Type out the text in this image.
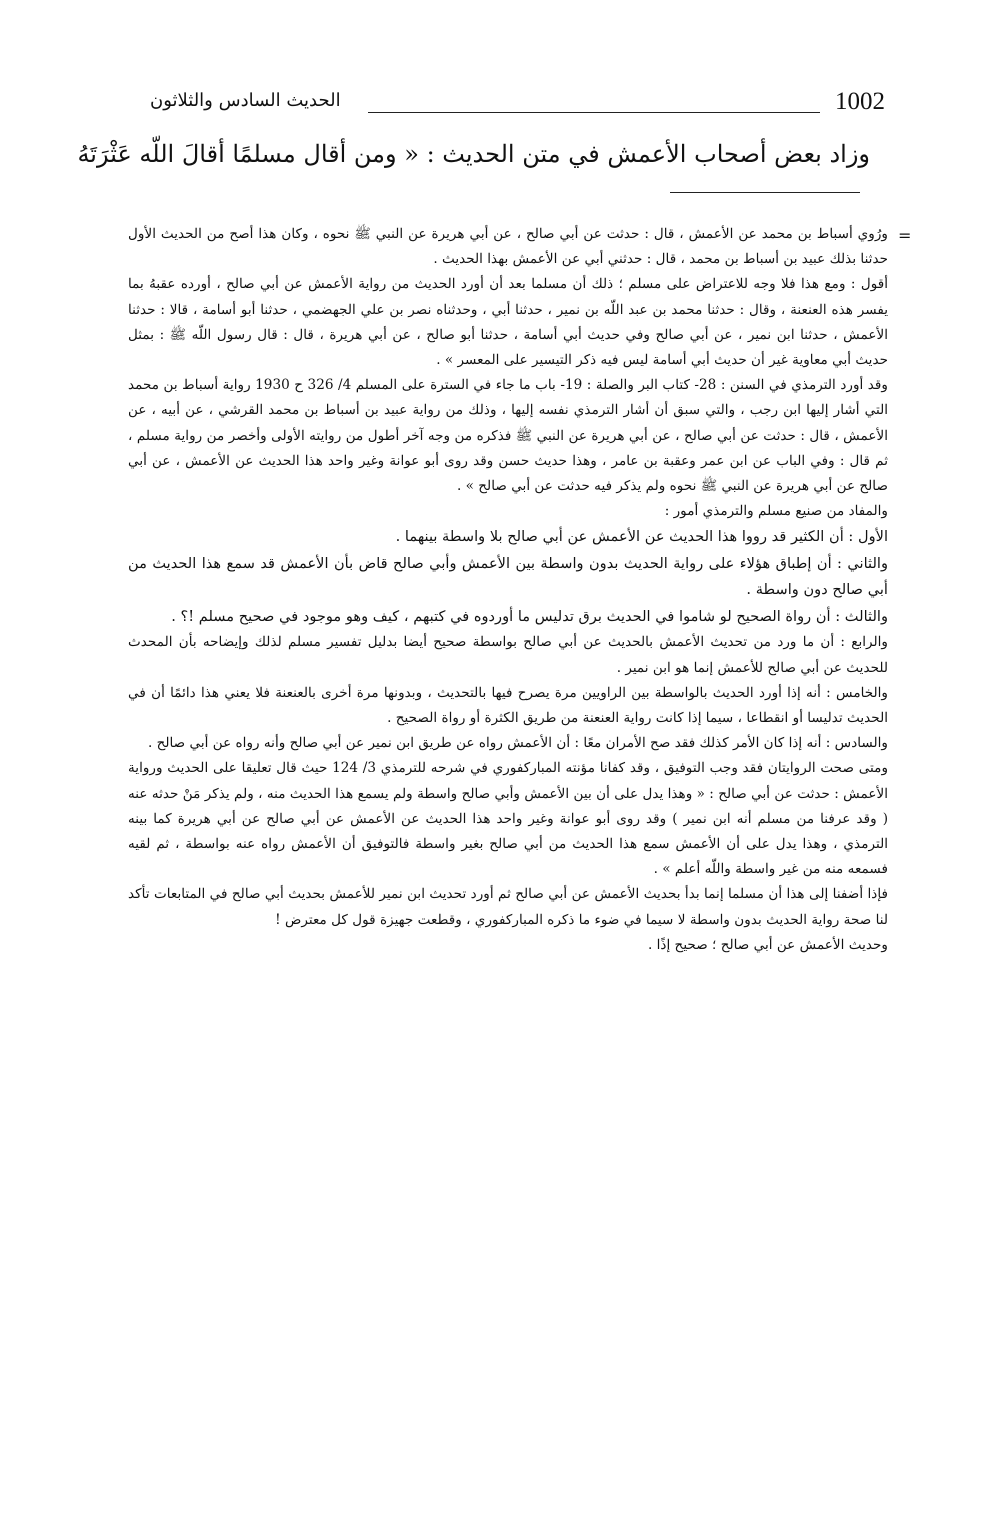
1002
الحديث السادس والثلاثون
وزاد بعض أصحاب الأعمش في متن الحديث : « ومن أقال مسلمًا أقالَ اللّه عَثْرَتَهُ
=

ورُوي أسباط بن محمد عن الأعمش ، قال : حدثت عن أبي صالح ، عن أبي هريرة عن النبي ﷺ نحوه ، وكان هذا أصح من الحديث الأول حدثنا بذلك عبيد بن أسباط بن محمد ، قال : حدثني أبي عن الأعمش بهذا الحديث .

أقول : ومع هذا فلا وجه للاعتراض على مسلم ؛ ذلك أن مسلما بعد أن أورد الحديث من رواية الأعمش عن أبي صالح ، أورده عقبهُ بما يفسر هذه العنعنة ، وقال : حدثنا محمد بن عبد اللّه بن نمير ، حدثنا أبي ، وحدثناه نصر بن علي الجهضمي ، حدثنا أبو أسامة ، قالا : حدثنا الأعمش ، حدثنا ابن نمير ، عن أبي صالح وفي حديث أبي أسامة ، حدثنا أبو صالح ، عن أبي هريرة ، قال : قال رسول اللّه ﷺ : بمثل حديث أبي معاوية غير أن حديث أبي أسامة ليس فيه ذكر التيسير على المعسر » .

وقد أورد الترمذي في السنن : 28- كتاب البر والصلة : 19- باب ما جاء في السترة على المسلم 4/ 326 ح 1930 رواية أسباط بن محمد التي أشار إليها ابن رجب ، والتي سبق أن أشار الترمذي نفسه إليها ، وذلك من رواية عبيد بن أسباط بن محمد القرشي ، عن أبيه ، عن الأعمش ، قال : حدثت عن أبي صالح ، عن أبي هريرة عن النبي ﷺ فذكره من وجه آخر أطول من روايته الأولى وأخصر من رواية مسلم ، ثم قال : وفي الباب عن ابن عمر وعقبة بن عامر ، وهذا حديث حسن وقد روى أبو عوانة وغير واحد هذا الحديث عن الأعمش ، عن أبي صالح عن أبي هريرة عن النبي ﷺ نحوه ولم يذكر فيه حدثت عن أبي صالح » .

والمفاد من صنيع مسلم والترمذي أمور :

الأول : أن الكثير قد رووا هذا الحديث عن الأعمش عن أبي صالح بلا واسطة بينهما .

والثاني : أن إطباق هؤلاء على رواية الحديث بدون واسطة بين الأعمش وأبي صالح قاض بأن الأعمش قد سمع هذا الحديث من أبي صالح دون واسطة .

والثالث : أن رواة الصحيح لو شاموا في الحديث برق تدليس ما أوردوه في كتبهم ، كيف وهو موجود في صحيح مسلم !؟ .

والرابع : أن ما ورد من تحديث الأعمش بالحديث عن أبي صالح بواسطة صحيح أيضا بدليل تفسير مسلم لذلك وإيضاحه بأن المحدث للحديث عن أبي صالح للأعمش إنما هو ابن نمير .

والخامس : أنه إذا أورد الحديث بالواسطة بين الراويين مرة يصرح فيها بالتحديث ، وبدونها مرة أخرى بالعنعنة فلا يعني هذا دائمًا أن في الحديث تدليسا أو انقطاعا ، سيما إذا كانت رواية العنعنة من طريق الكثرة أو رواة الصحيح .

والسادس : أنه إذا كان الأمر كذلك فقد صح الأمران معًا : أن الأعمش رواه عن طريق ابن نمير عن أبي صالح وأنه رواه عن أبي صالح .

ومتى صحت الروايتان فقد وجب التوفيق ، وقد كفانا مؤنته المباركفوري في شرحه للترمذي 3/ 124 حيث قال تعليقا على الحديث ورواية الأعمش : حدثت عن أبي صالح : « وهذا يدل على أن بين الأعمش وأبي صالح واسطة ولم يسمع هذا الحديث منه ، ولم يذكر مَنْ حدثه عنه ( وقد عرفنا من مسلم أنه ابن نمير ) وقد روى أبو عوانة وغير واحد هذا الحديث عن الأعمش عن أبي صالح عن أبي هريرة كما بينه الترمذي ، وهذا يدل على أن الأعمش سمع هذا الحديث من أبي صالح بغير واسطة فالتوفيق أن الأعمش رواه عنه بواسطة ، ثم لقيه فسمعه منه من غير واسطة واللّه أعلم » .

فإذا أضفنا إلى هذا أن مسلما إنما بدأ بحديث الأعمش عن أبي صالح ثم أورد تحديث ابن نمير للأعمش بحديث أبي صالح في المتابعات تأكد لنا صحة رواية الحديث بدون واسطة لا سيما في ضوء ما ذكره المباركفوري ، وقطعت جهيزة قول كل معترض !

وحديث الأعمش عن أبي صالح ؛ صحيح إذًا .
